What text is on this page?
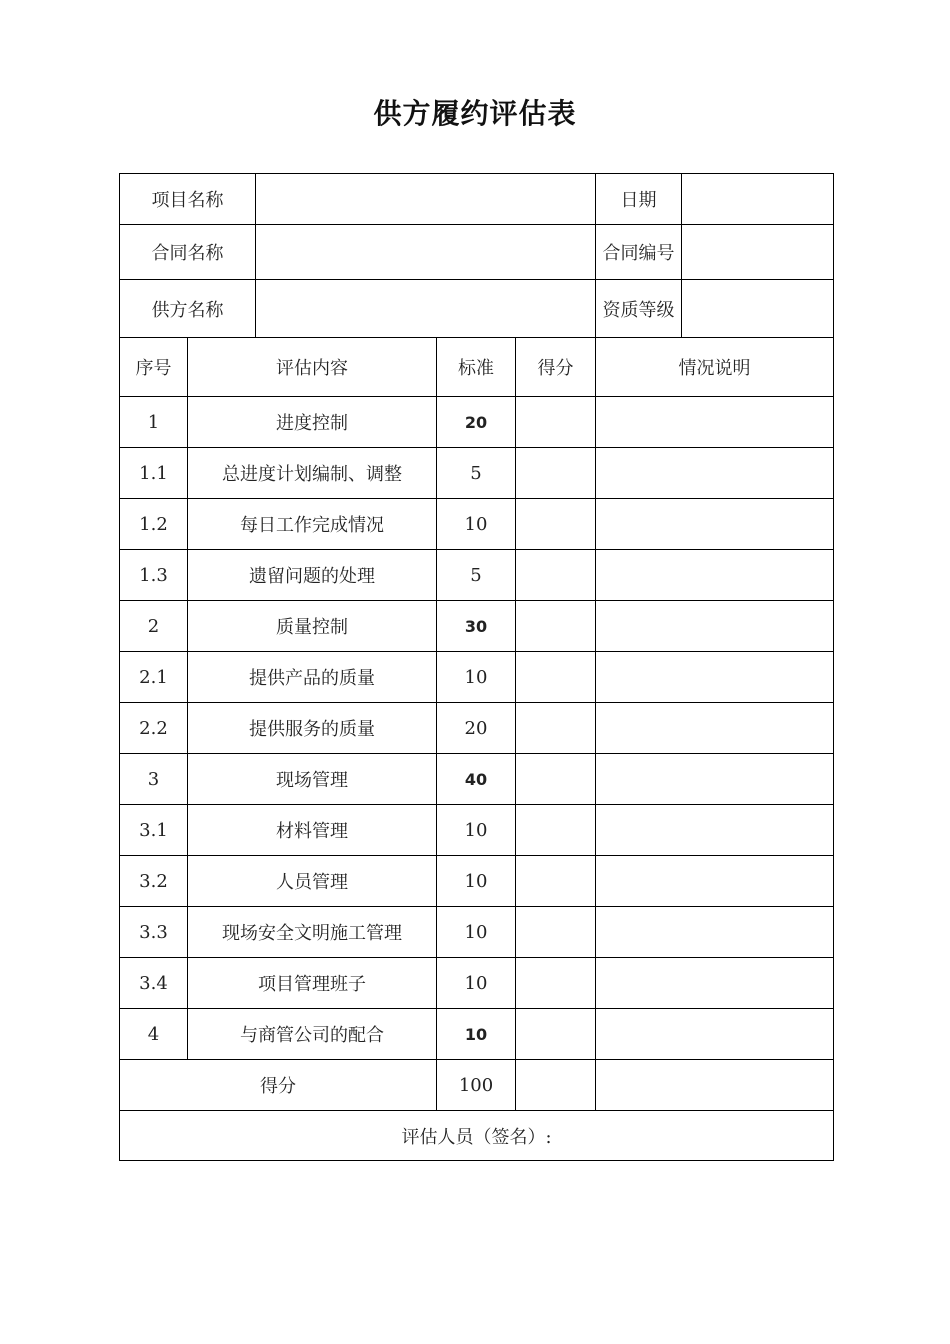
供方履约评估表
项目名称					日期	
合同名称					合同编号	
供方名称					资质等级	
序号	评估内容		标准	得分	情况说明	
1	进度控制		20			
1.1	总进度计划编制、调整		5			
1.2	每日工作完成情况		10			
1.3	遗留问题的处理		5			
2	质量控制		30			
2.1	提供产品的质量		10			
2.2	提供服务的质量		20			
3	现场管理		40			
3.1	材料管理		10			
3.2	人员管理		10			
3.3	现场安全文明施工管理		10			
3.4	项目管理班子		10			
4	与商管公司的配合		10			
得分			100			
评估人员（签名）:						
